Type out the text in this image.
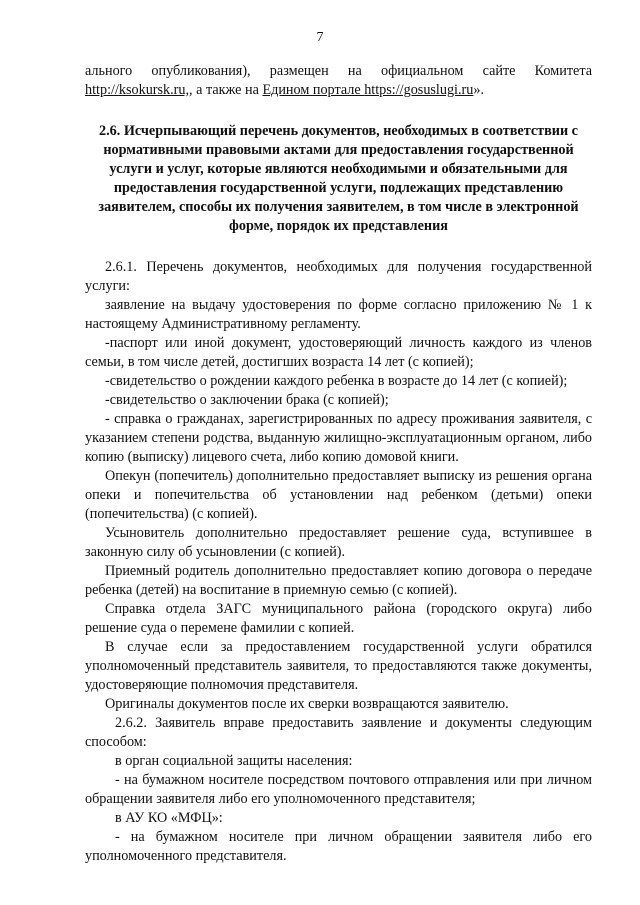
7

ального опубликования), размещен на официальном сайте Комитета http://ksokursk.ru,, а также на Едином портале https://gosuslugi.ru».

2.6. Исчерпывающий перечень документов, необходимых в соответствии с нормативными правовыми актами для предоставления государственной услуги и услуг, которые являются необходимыми и обязательными для предоставления государственной услуги, подлежащих представлению заявителем, способы их получения заявителем, в том числе в электронной форме, порядок их представления

2.6.1. Перечень документов, необходимых для получения государственной услуги:

заявление на выдачу удостоверения по форме согласно приложению № 1 к настоящему Административному регламенту.

-паспорт или иной документ, удостоверяющий личность каждого из членов семьи, в том числе детей, достигших возраста 14 лет (с копией);

-свидетельство о рождении каждого ребенка в возрасте до 14 лет (с копией);

-свидетельство о заключении брака (с копией);

- справка о гражданах, зарегистрированных по адресу проживания заявителя, с указанием степени родства, выданную жилищно-эксплуатационным органом, либо копию (выписку) лицевого счета, либо копию домовой книги.

Опекун (попечитель) дополнительно предоставляет выписку из решения органа опеки и попечительства об установлении над ребенком (детьми) опеки (попечительства) (с копией).

Усыновитель дополнительно предоставляет решение суда, вступившее в законную силу об усыновлении (с копией).

Приемный родитель дополнительно предоставляет копию договора о передаче ребенка (детей) на воспитание в приемную семью (с копией).

Справка отдела ЗАГС муниципального района (городского округа) либо решение суда о перемене фамилии с копией.

В случае если за предоставлением государственной услуги обратился уполномоченный представитель заявителя, то предоставляются также документы, удостоверяющие полномочия представителя.

Оригиналы документов после их сверки возвращаются заявителю.

2.6.2. Заявитель вправе предоставить заявление и документы следующим способом:

в орган социальной защиты населения:

- на бумажном носителе посредством почтового отправления или при личном обращении заявителя либо его уполномоченного представителя;

в АУ КО «МФЦ»:

- на бумажном носителе при личном обращении заявителя либо его уполномоченного представителя.
